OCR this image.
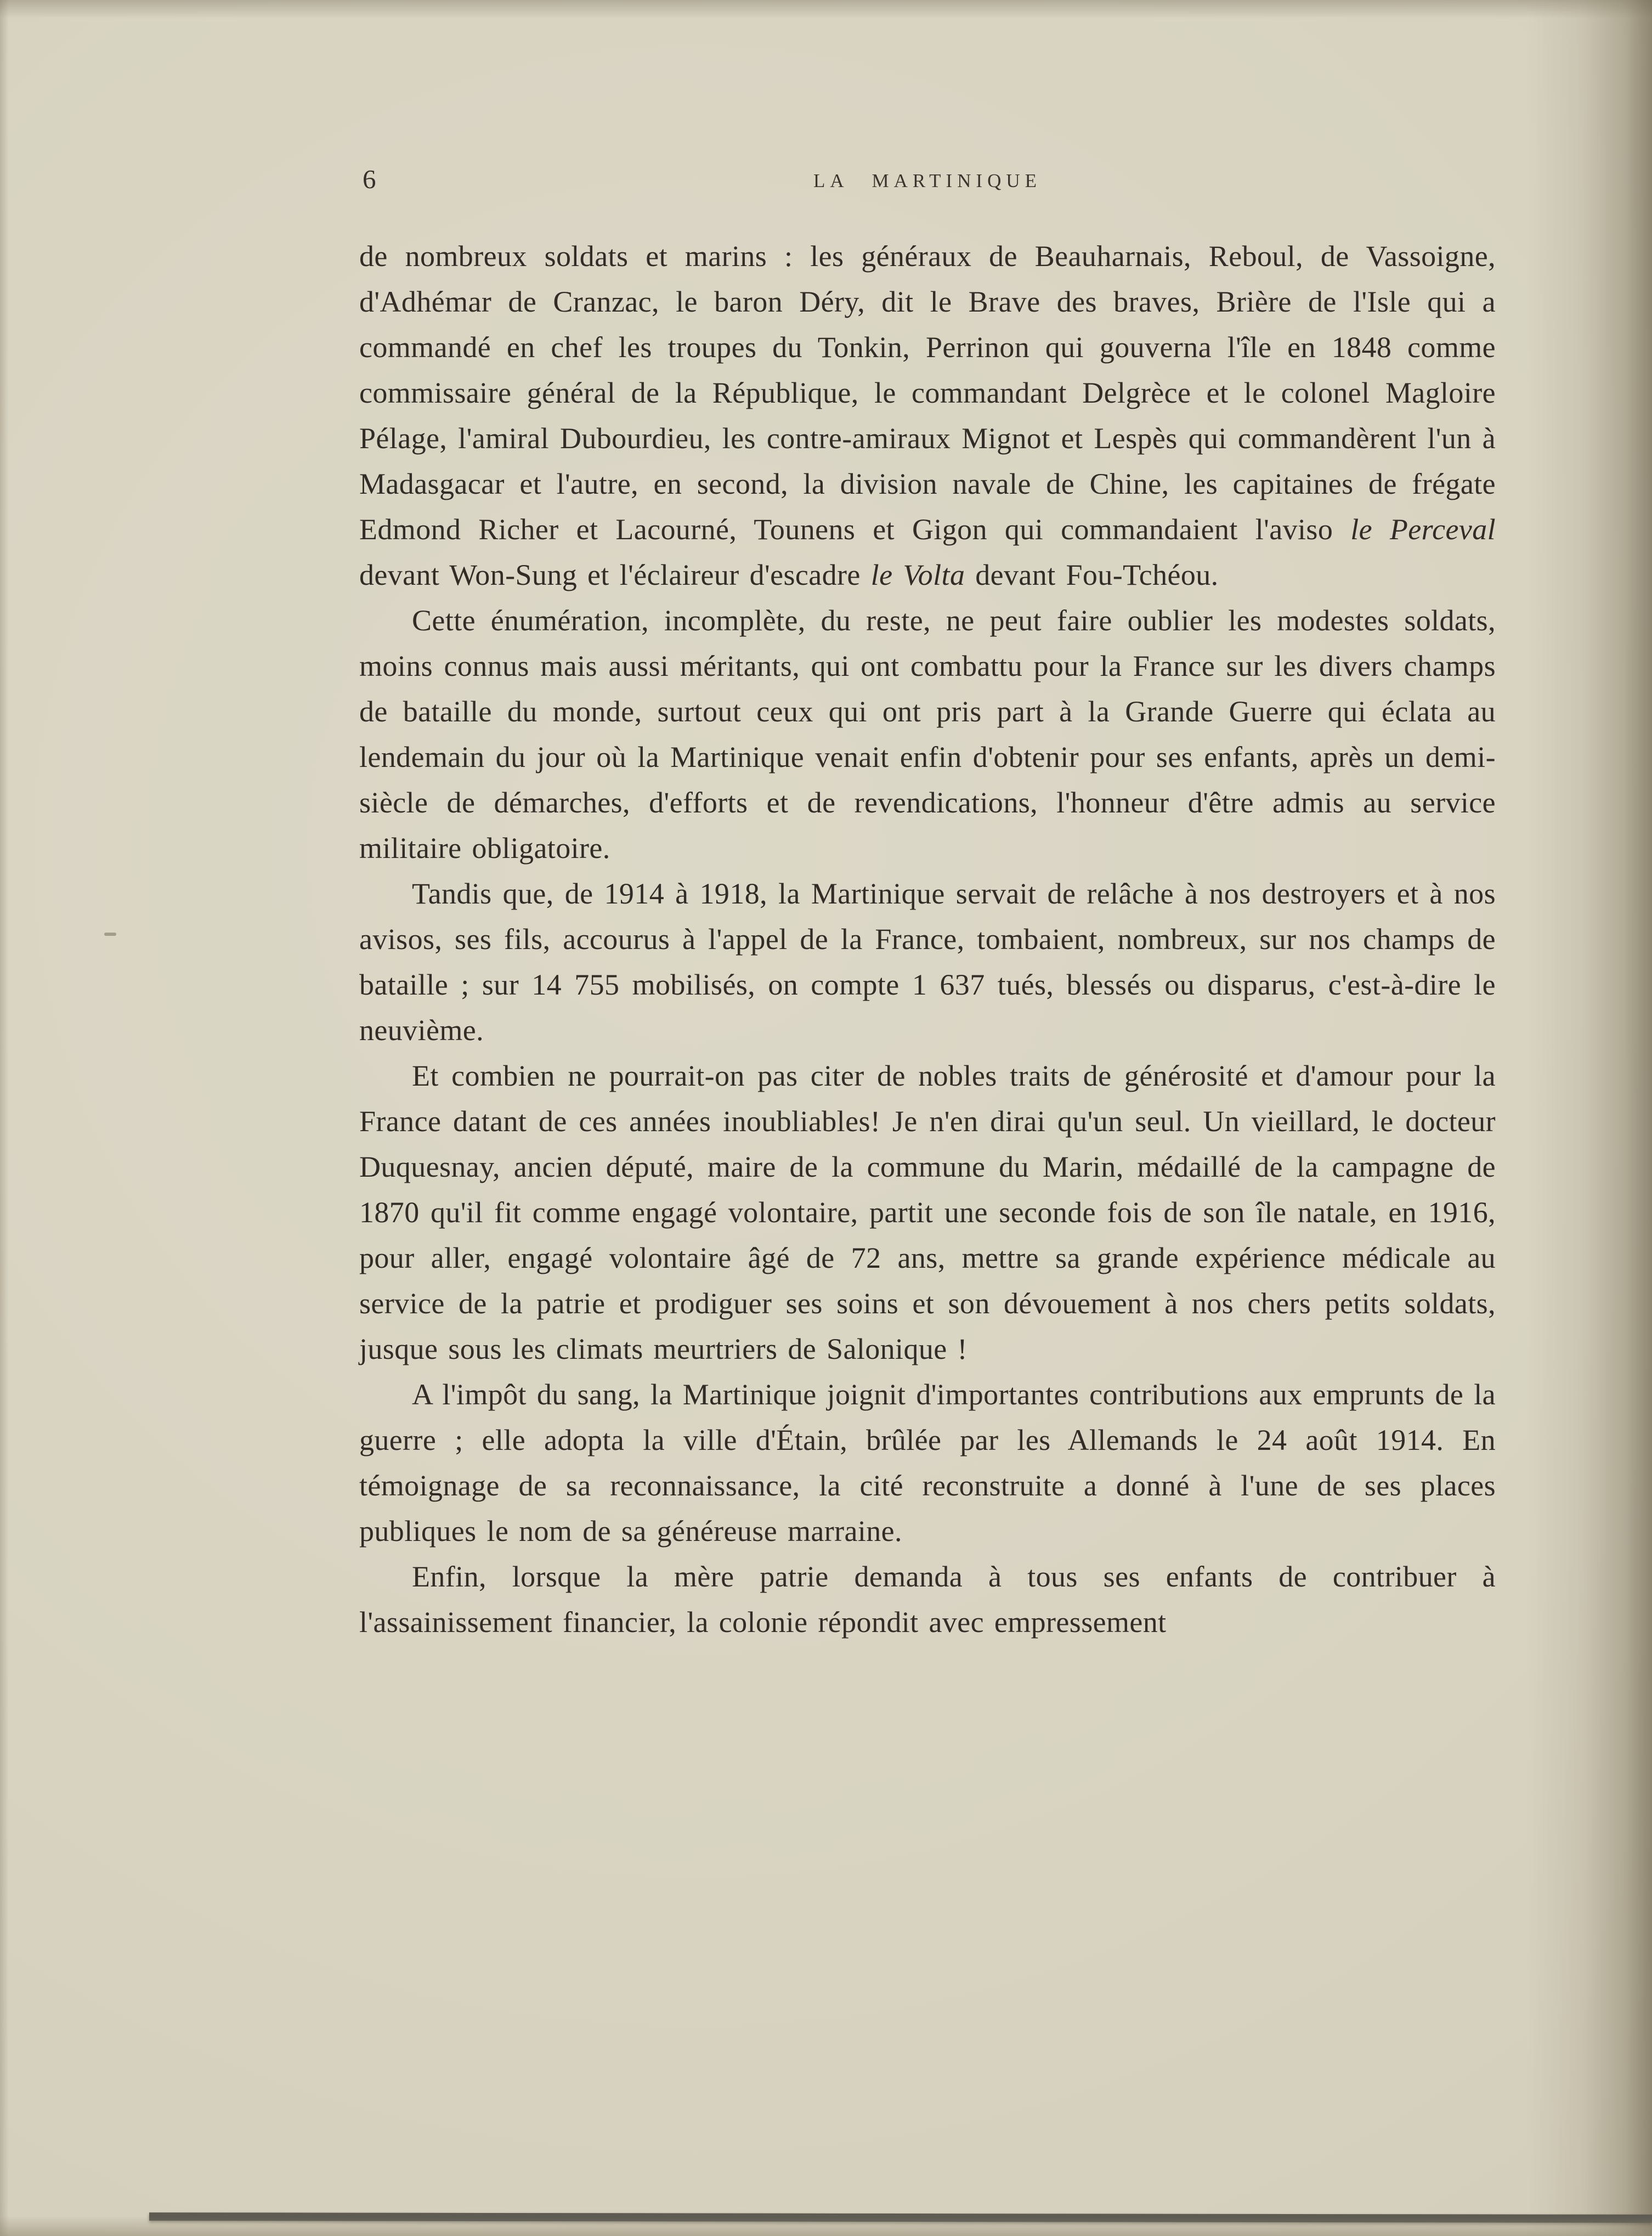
6	LA MARTINIQUE

de nombreux soldats et marins : les généraux de Beauharnais, Reboul, de Vassoigne, d'Adhémar de Cranzac, le baron Déry, dit le Brave des braves, Brière de l'Isle qui a commandé en chef les troupes du Tonkin, Perrinon qui gouverna l'île en 1848 comme commissaire général de la République, le commandant Delgrèce et le colonel Magloire Pélage, l'amiral Dubourdieu, les contre-amiraux Mignot et Lespès qui commandèrent l'un à Madasgacar et l'autre, en second, la division navale de Chine, les capitaines de frégate Edmond Richer et Lacourné, Tounens et Gigon qui commandaient l'aviso le Perceval devant Won-Sung et l'éclaireur d'escadre le Volta devant Fou-Tchéou.

Cette énumération, incomplète, du reste, ne peut faire oublier les modestes soldats, moins connus mais aussi méritants, qui ont combattu pour la France sur les divers champs de bataille du monde, surtout ceux qui ont pris part à la Grande Guerre qui éclata au lendemain du jour où la Martinique venait enfin d'obtenir pour ses enfants, après un demi-siècle de démarches, d'efforts et de revendications, l'honneur d'être admis au service militaire obligatoire.

Tandis que, de 1914 à 1918, la Martinique servait de relâche à nos destroyers et à nos avisos, ses fils, accourus à l'appel de la France, tombaient, nombreux, sur nos champs de bataille ; sur 14 755 mobilisés, on compte 1 637 tués, blessés ou disparus, c'est-à-dire le neuvième.

Et combien ne pourrait-on pas citer de nobles traits de générosité et d'amour pour la France datant de ces années inoubliables! Je n'en dirai qu'un seul. Un vieillard, le docteur Duquesnay, ancien député, maire de la commune du Marin, médaillé de la campagne de 1870 qu'il fit comme engagé volontaire, partit une seconde fois de son île natale, en 1916, pour aller, engagé volontaire âgé de 72 ans, mettre sa grande expérience médicale au service de la patrie et prodiguer ses soins et son dévouement à nos chers petits soldats, jusque sous les climats meurtriers de Salonique !

A l'impôt du sang, la Martinique joignit d'importantes contributions aux emprunts de la guerre ; elle adopta la ville d'Étain, brûlée par les Allemands le 24 août 1914. En témoignage de sa reconnaissance, la cité reconstruite a donné à l'une de ses places publiques le nom de sa généreuse marraine.

Enfin, lorsque la mère patrie demanda à tous ses enfants de contribuer à l'assainissement financier, la colonie répondit avec empressement
